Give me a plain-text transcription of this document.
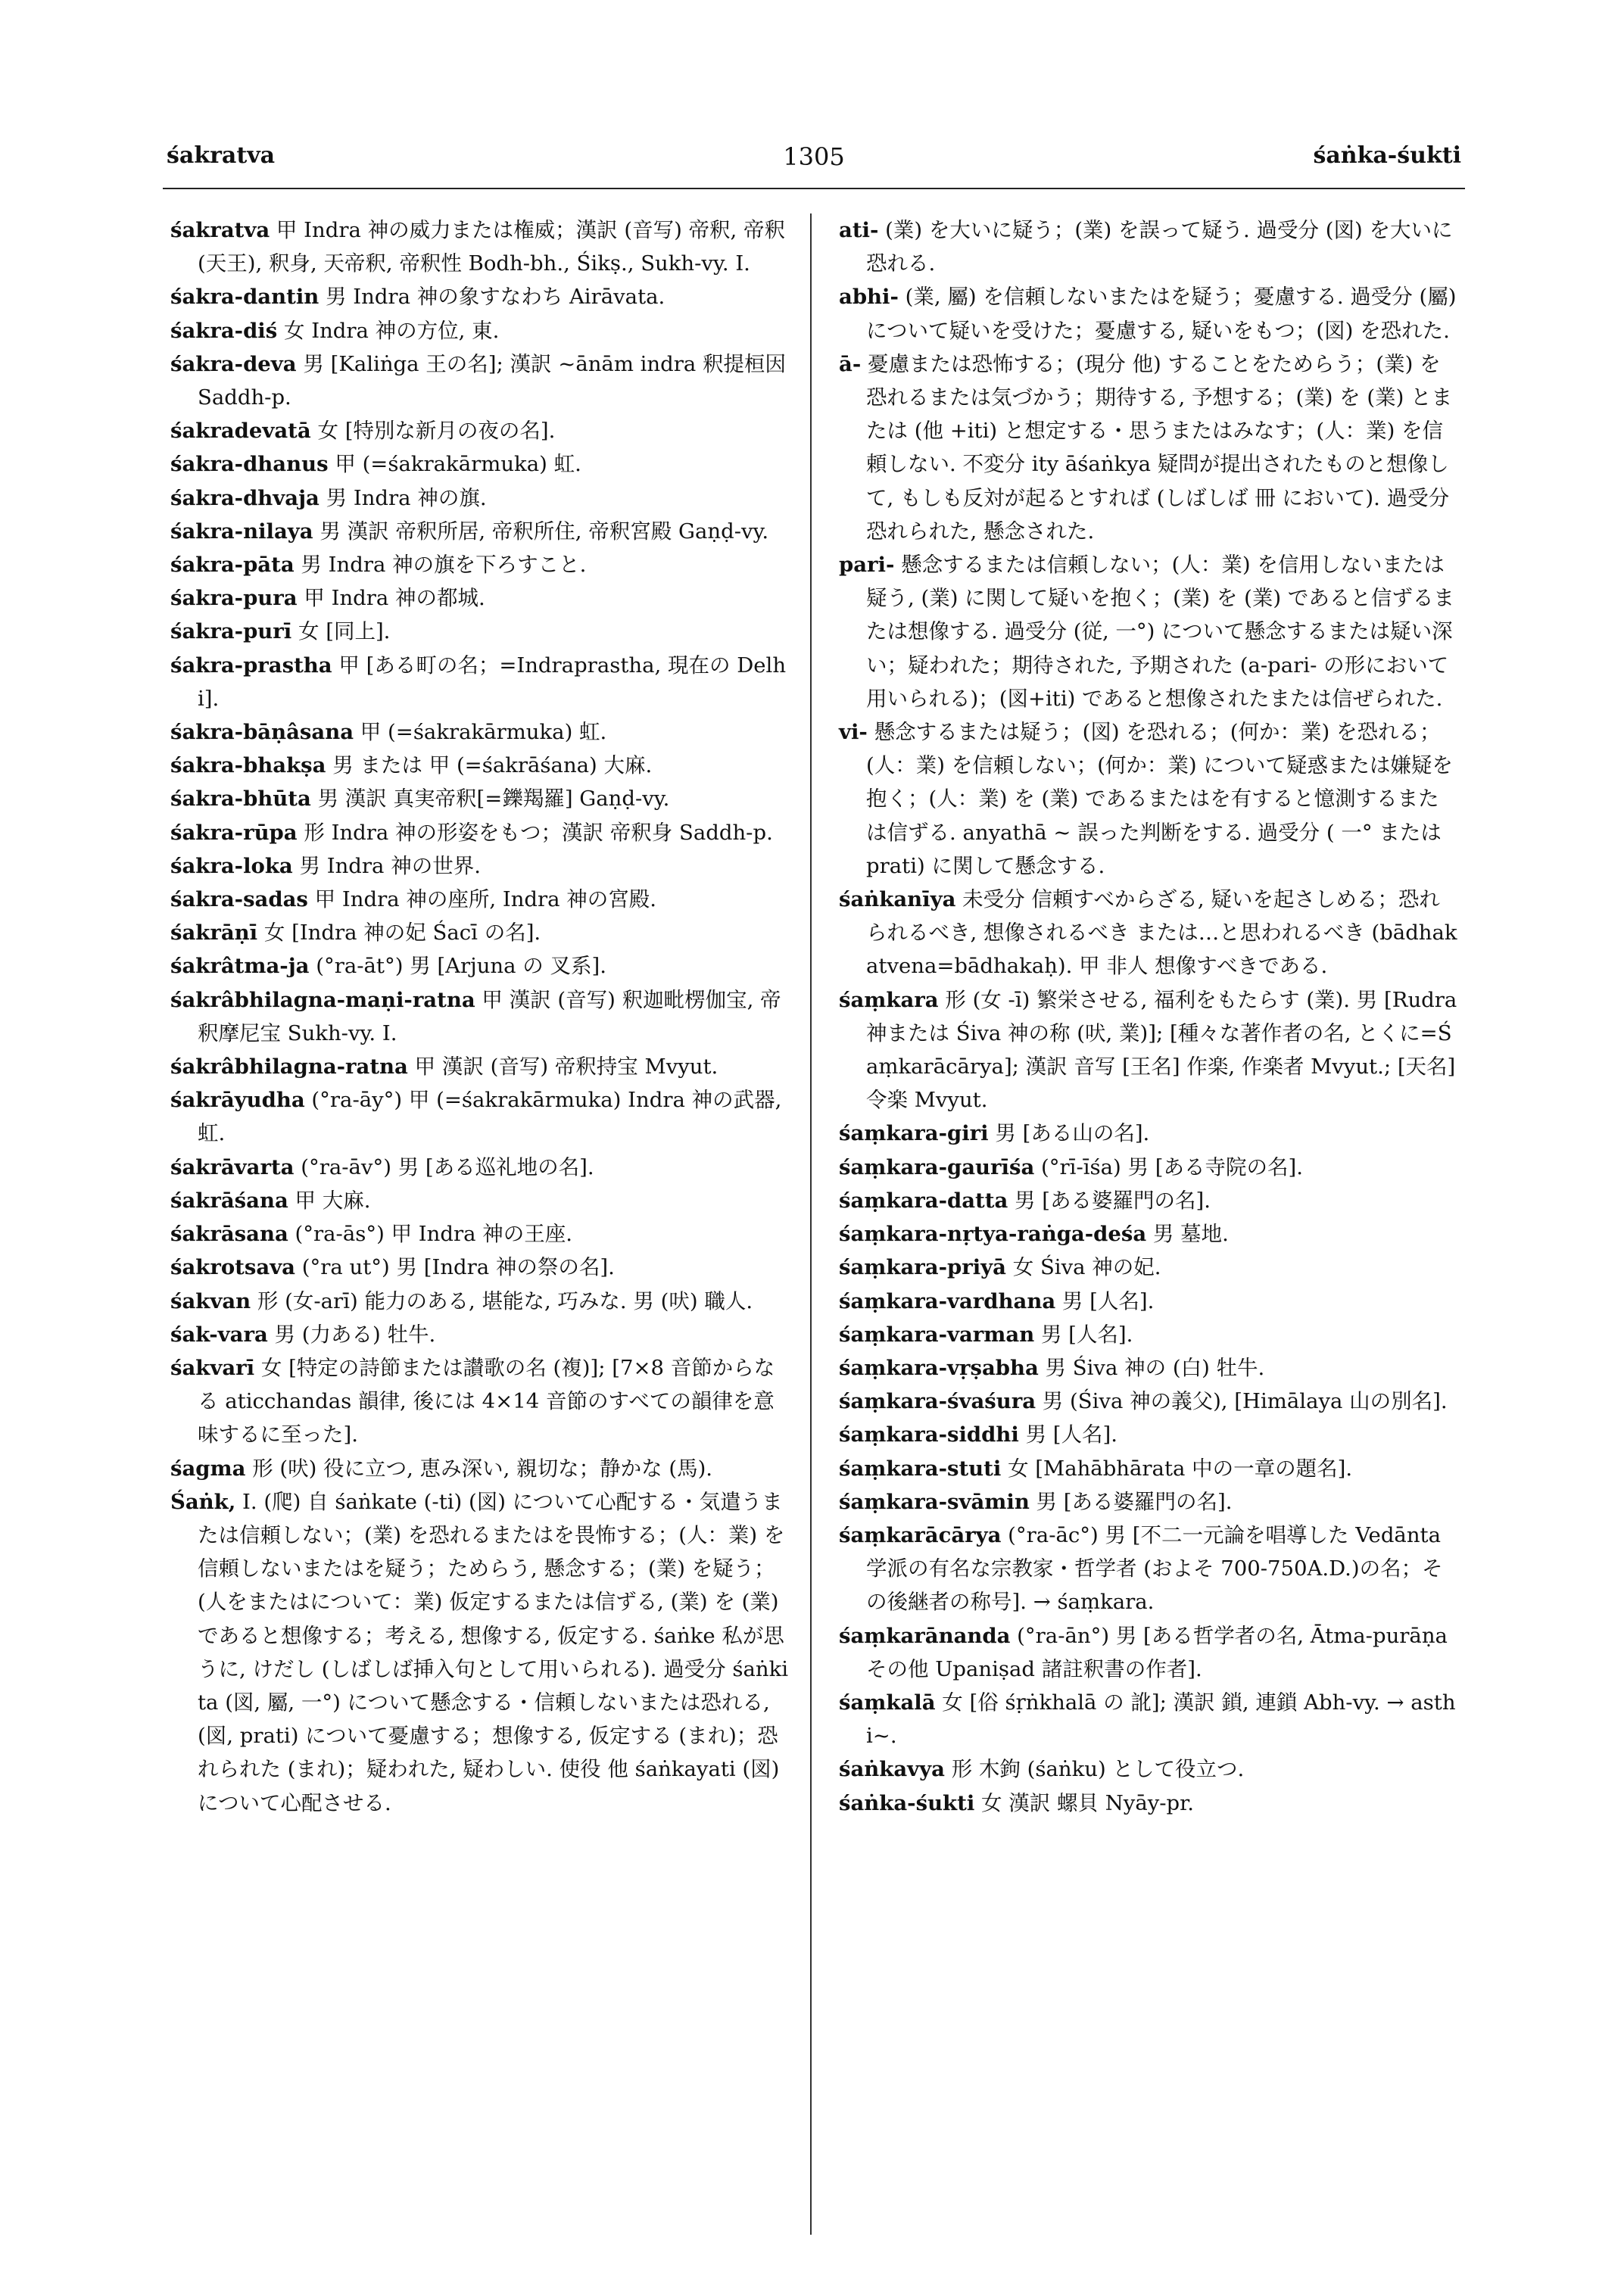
śakratva	1305	śaṅka-śukti

śakratva 甲 Indra 神の威力または権威；漢訳 (音写) 帝釈, 帝釈 (天王), 釈身, 天帝釈, 帝釈性 Bodh-bh., Śikṣ., Sukh-vy. I.

śakra-dantin 男 Indra 神の象すなわち Airāvata.

śakra-diś 女 Indra 神の方位, 東.

śakra-deva 男 [Kaliṅga 王の名]; 漢訳 ~ānām indra 釈提桓因 Saddh-p.

śakradevatā 女 [特別な新月の夜の名].

śakra-dhanus 甲 (=śakrakārmuka) 虹.

śakra-dhvaja 男 Indra 神の旗.

śakra-nilaya 男 漢訳 帝釈所居, 帝釈所住, 帝釈宮殿 Gaṇḍ-vy.

śakra-pāta 男 Indra 神の旗を下ろすこと.

śakra-pura 甲 Indra 神の都城.

śakra-purī 女 [同上].

śakra-prastha 甲 [ある町の名；=Indraprastha, 現在の Delhi].

śakra-bāṇâsana 甲 (=śakrakārmuka) 虹.

śakra-bhakṣa 男 または 甲 (=śakrāśana) 大麻.

śakra-bhūta 男 漢訳 真実帝釈[=鑠羯羅] Gaṇḍ-vy.

śakra-rūpa 形 Indra 神の形姿をもつ；漢訳 帝釈身 Saddh-p.

śakra-loka 男 Indra 神の世界.

śakra-sadas 甲 Indra 神の座所, Indra 神の宮殿.

śakrāṇī 女 [Indra 神の妃 Śacī の名].

śakrâtma-ja (°ra-āt°) 男 [Arjuna の 叉系].

śakrâbhilagna-maṇi-ratna 甲 漢訳 (音写) 釈迦毗楞伽宝, 帝釈摩尼宝 Sukh-vy. I.

śakrâbhilagna-ratna 甲 漢訳 (音写) 帝釈持宝 Mvyut.

śakrāyudha (°ra-āy°) 甲 (=śakrakārmuka) Indra 神の武器, 虹.

śakrāvarta (°ra-āv°) 男 [ある巡礼地の名].

śakrāśana 甲 大麻.

śakrāsana (°ra-ās°) 甲 Indra 神の王座.

śakrotsava (°ra ut°) 男 [Indra 神の祭の名].

śakvan 形 (女-arī) 能力のある, 堪能な, 巧みな. 男 (吠) 職人.

śak-vara 男 (力ある) 牡牛.

śakvarī 女 [特定の詩節または讃歌の名 (複)]; [7×8 音節からなる aticchandas 韻律, 後には 4×14 音節のすべての韻律を意味するに至った].

śagma 形 (吠) 役に立つ, 恵み深い, 親切な；静かな (馬).

Śaṅk, I. (爬) 自 śaṅkate (-ti) (図) について心配する・気遣うまたは信頼しない；(業) を恐れるまたはを畏怖する；(人：業) を信頼しないまたはを疑う；ためらう, 懸念する；(業) を疑う；(人をまたはについて：業) 仮定するまたは信ずる, (業) を (業) であると想像する；考える, 想像する, 仮定する. śaṅke 私が思うに, けだし (しばしば挿入句として用いられる). 過受分 śaṅkita (図, 屬, 一°) について懸念する・信頼しないまたは恐れる, (図, prati) について憂慮する；想像する, 仮定する (まれ)；恐れられた (まれ)；疑われた, 疑わしい. 使役 他 śaṅkayati (図) について心配させる.

ati- (業) を大いに疑う；(業) を誤って疑う. 過受分 (図) を大いに恐れる.

abhi- (業, 屬) を信頼しないまたはを疑う；憂慮する. 過受分 (屬) について疑いを受けた；憂慮する, 疑いをもつ；(図) を恐れた.

ā- 憂慮または恐怖する；(現分 他) することをためらう；(業) を恐れるまたは気づかう；期待する, 予想する；(業) を (業) とまたは (他 +iti) と想定する・思うまたはみなす；(人：業) を信頼しない. 不変分 ity āśaṅkya 疑問が提出されたものと想像して, もしも反対が起るとすれば (しばしば 冊 において). 過受分 恐れられた, 懸念された.

pari- 懸念するまたは信頼しない；(人：業) を信用しないまたは疑う, (業) に関して疑いを抱く；(業) を (業) であると信ずるまたは想像する. 過受分 (従, 一°) について懸念するまたは疑い深い；疑われた；期待された, 予期された (a-pari- の形において用いられる)；(図+iti) であると想像されたまたは信ぜられた.

vi- 懸念するまたは疑う；(図) を恐れる；(何か：業) を恐れる；(人：業) を信頼しない；(何か：業) について疑惑または嫌疑を抱く；(人：業) を (業) であるまたはを有すると憶測するまたは信ずる. anyathā ~ 誤った判断をする. 過受分 ( 一° または prati) に関して懸念する.

śaṅkanīya 未受分 信頼すべからざる, 疑いを起さしめる；恐れられるべき, 想像されるべき または…と思われるべき (bādhakatvena=bādhakaḥ). 甲 非人 想像すべきである.

śaṃkara 形 (女 -ī) 繁栄させる, 福利をもたらす (業). 男 [Rudra 神または Śiva 神の称 (吠, 業)]; [種々な著作者の名, とくに=Śaṃkarācārya]; 漢訳 音写 [王名] 作楽, 作楽者 Mvyut.; [天名] 令楽 Mvyut.

śaṃkara-giri 男 [ある山の名].

śaṃkara-gaurīśa (°rī-īśa) 男 [ある寺院の名].

śaṃkara-datta 男 [ある婆羅門の名].

śaṃkara-nṛtya-raṅga-deśa 男 墓地.

śaṃkara-priyā 女 Śiva 神の妃.

śaṃkara-vardhana 男 [人名].

śaṃkara-varman 男 [人名].

śaṃkara-vṛṣabha 男 Śiva 神の (白) 牡牛.

śaṃkara-śvaśura 男 (Śiva 神の義父), [Himālaya 山の別名].

śaṃkara-siddhi 男 [人名].

śaṃkara-stuti 女 [Mahābhārata 中の一章の題名].

śaṃkara-svāmin 男 [ある婆羅門の名].

śaṃkarācārya (°ra-āc°) 男 [不二一元論を唱導した Vedānta 学派の有名な宗教家・哲学者 (およそ 700-750A.D.)の名；その後継者の称号]. → śaṃkara.

śaṃkarānanda (°ra-ān°) 男 [ある哲学者の名, Ātma-purāṇa その他 Upaniṣad 諸註釈書の作者].

śaṃkalā 女 [俗 śṛṅkhalā の 訛]; 漢訳 鎖, 連鎖 Abh-vy. → asthi~.

śaṅkavya 形 木鉤 (śaṅku) として役立つ.

śaṅka-śukti 女 漢訳 螺貝 Nyāy-pr.
